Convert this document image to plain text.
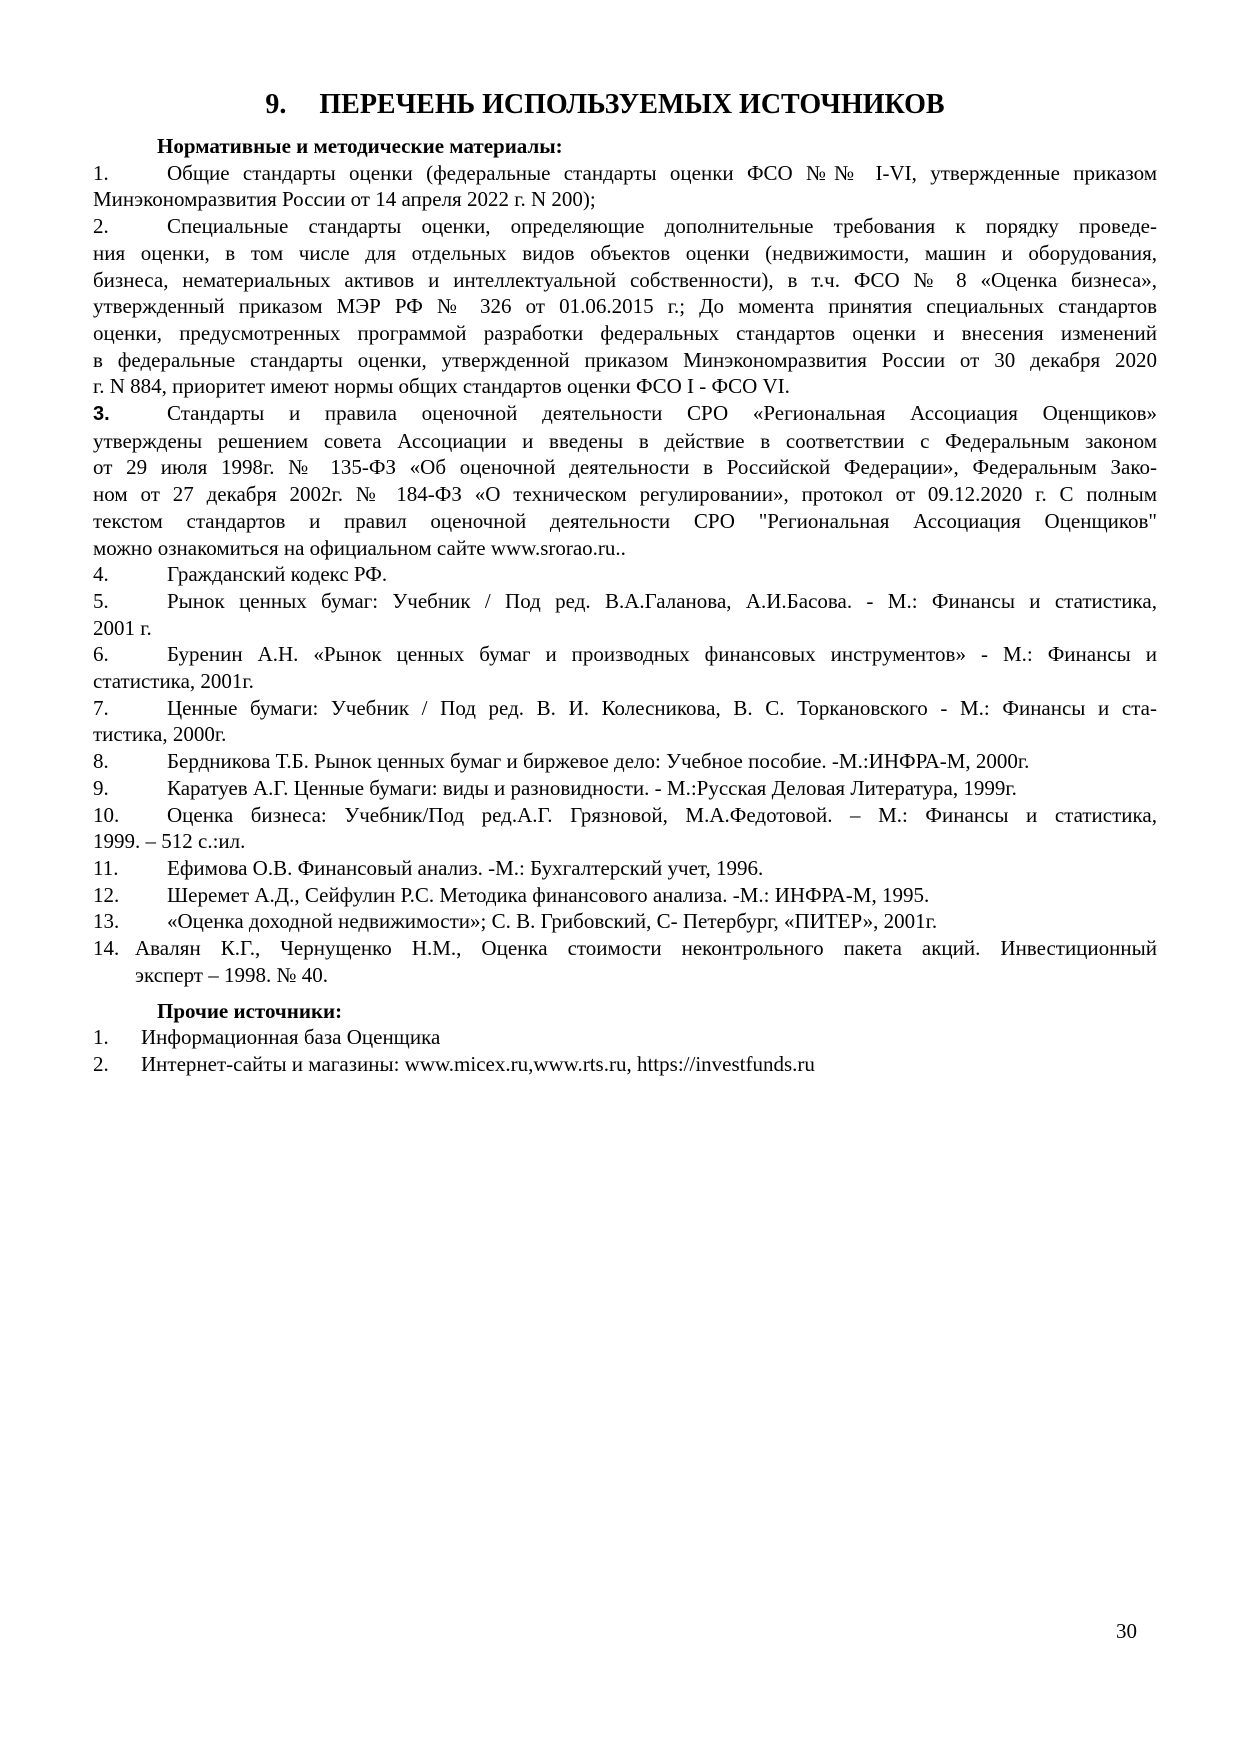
9. ПЕРЕЧЕНЬ ИСПОЛЬЗУЕМЫХ ИСТОЧНИКОВ
Нормативные и методические материалы:
1.	Общие стандарты оценки (федеральные стандарты оценки ФСО №№ I-VI, утвержденные приказом
Минэкономразвития России от 14 апреля 2022 г. N 200);
2.	Специальные стандарты оценки, определяющие дополнительные требования к порядку проведе-
ния оценки, в том числе для отдельных видов объектов оценки (недвижимости, машин и оборудования,
бизнеса, нематериальных активов и интеллектуальной собственности), в т.ч. ФСО № 8 «Оценка бизнеса»,
утвержденный приказом МЭР РФ № 326 от 01.06.2015 г.; До момента принятия специальных стандартов
оценки, предусмотренных программой разработки федеральных стандартов оценки и внесения изменений
в федеральные стандарты оценки, утвержденной приказом Минэкономразвития России от 30 декабря 2020
г. N 884, приоритет имеют нормы общих стандартов оценки ФСО I - ФСО VI.
3.	Стандарты и правила оценочной деятельности СРО «Региональная Ассоциация Оценщиков»
утверждены решением совета Ассоциации и введены в действие в соответствии с Федеральным законом
от 29 июля 1998г. № 135-ФЗ «Об оценочной деятельности в Российской Федерации», Федеральным Зако-
ном от 27 декабря 2002г. № 184-ФЗ «О техническом регулировании», протокол от 09.12.2020 г. С полным
текстом стандартов и правил оценочной деятельности СРО "Региональная Ассоциация Оценщиков"
можно ознакомиться на официальном сайте www.srorao.ru..
4.	Гражданский кодекс РФ.
5.	Рынок ценных бумаг: Учебник / Под ред. В.А.Галанова, А.И.Басова. - М.: Финансы и статистика,
2001 г.
6.	Буренин А.Н. «Рынок ценных бумаг и производных финансовых инструментов» - М.: Финансы и
статистика, 2001г.
7.	Ценные бумаги: Учебник / Под ред. В. И. Колесникова, В. С. Торкановского - М.: Финансы и ста-
тистика, 2000г.
8.	Бердникова Т.Б. Рынок ценных бумаг и биржевое дело: Учебное пособие. -М.:ИНФРА-М, 2000г.
9.	Каратуев А.Г. Ценные бумаги: виды и разновидности. - М.:Русская Деловая Литература, 1999г.
10. Оценка бизнеса: Учебник/Под ред.А.Г. Грязновой, М.А.Федотовой. – М.: Финансы и статистика,
1999. – 512 с.:ил.
11. Ефимова О.В. Финансовый анализ. -М.: Бухгалтерский учет, 1996.
12. Шеремет А.Д., Сейфулин Р.С. Методика финансового анализа. -М.: ИНФРА-М, 1995.
13. «Оценка доходной недвижимости»; С. В. Грибовский, С- Петербург, «ПИТЕР», 2001г.
14. Авалян К.Г., Чернущенко Н.М., Оценка стоимости неконтрольного пакета акций. Инвестиционный
эксперт – 1998. № 40.
Прочие источники:
1. Информационная база Оценщика
2. Интернет-сайты и магазины: www.micex.ru,www.rts.ru, https://investfunds.ru
30
